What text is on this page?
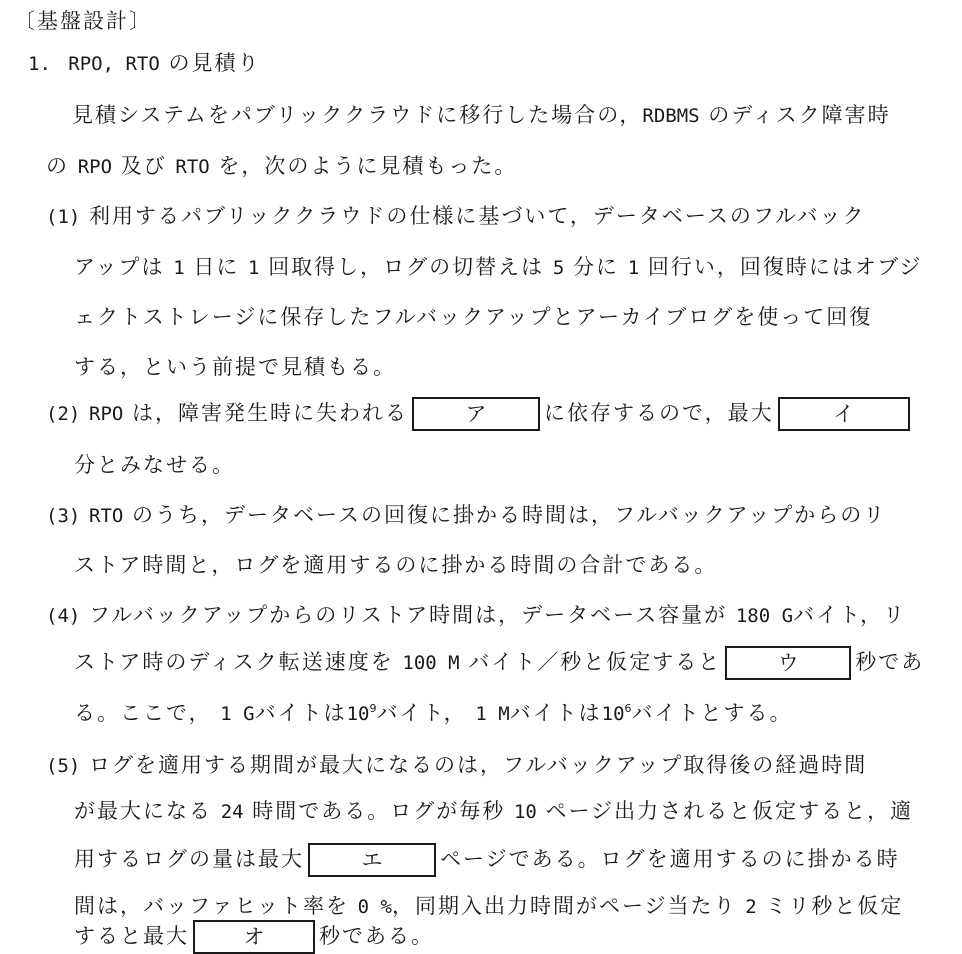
〔基盤設計〕
1. RPO, RTO の見積り
見積システムをパブリッククラウドに移行した場合の，RDBMS のディスク障害時
の RPO 及び RTO を，次のように見積もった。
(1) 利用するパブリッククラウドの仕様に基づいて，データベースのフルバック
アップは 1 日に 1 回取得し，ログの切替えは 5 分に 1 回行い，回復時にはオブジ
ェクトストレージに保存したフルバックアップとアーカイブログを使って回復
する，という前提で見積もる。
(2) RPO は，障害発生時に失われる	ア	に依存するので，最大	イ
分とみなせる。
(3) RTO のうち，データベースの回復に掛かる時間は，フルバックアップからのリ
ストア時間と，ログを適用するのに掛かる時間の合計である。
(4) フルバックアップからのリストア時間は，データベース容量が 180 Gバイト，リ
ストア時のディスク転送速度を 100 M バイト／秒と仮定すると	ウ	秒であ
る。ここで， 1 Gバイトは$10^9$バイト， 1 Mバイトは$10^6$バイトとする。
(5) ログを適用する期間が最大になるのは，フルバックアップ取得後の経過時間
が最大になる 24 時間である。ログが毎秒 10 ページ出力されると仮定すると，適
用するログの量は最大	エ	ページである。ログを適用するのに掛かる時
間は，バッファヒット率を 0 %，同期入出力時間がページ当たり 2 ミリ秒と仮定
すると最大	オ	秒である。
